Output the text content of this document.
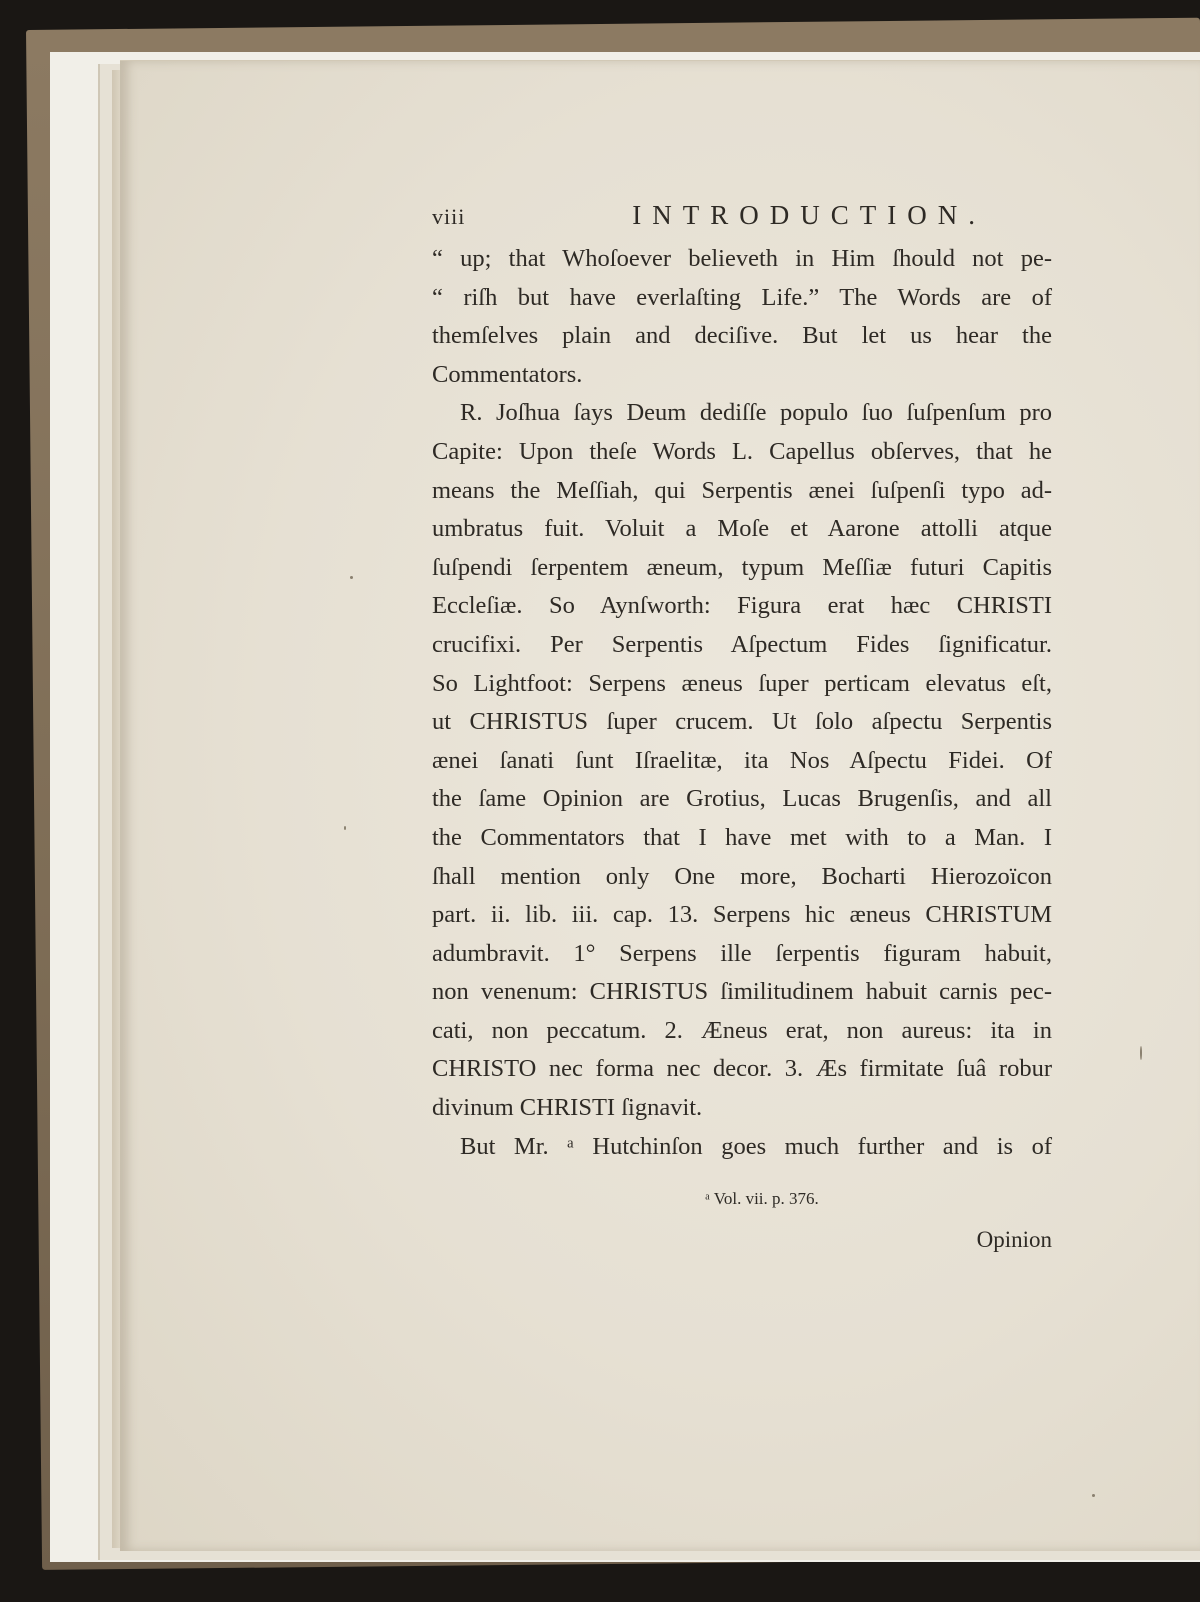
viii	INTRODUCTION.
“ up; that Whoſoever believeth in Him ſhould not pe-
“ riſh but have everlaſting Life.” The Words are of
themſelves plain and deciſive. But let us hear the
Commentators.
R. Joſhua ſays Deum dediſſe populo ſuo ſuſpenſum pro
Capite: Upon theſe Words L. Capellus obſerves, that he
means the Meſſiah, qui Serpentis ænei ſuſpenſi typo ad-
umbratus fuit. Voluit a Moſe et Aarone attolli atque
ſuſpendi ſerpentem æneum, typum Meſſiæ futuri Capitis
Eccleſiæ. So Aynſworth: Figura erat hæc CHRISTI
crucifixi. Per Serpentis Aſpectum Fides ſignificatur.
So Lightfoot: Serpens æneus ſuper perticam elevatus eſt,
ut CHRISTUS ſuper crucem. Ut ſolo aſpectu Serpentis
ænei ſanati ſunt Iſraelitæ, ita Nos Aſpectu Fidei. Of
the ſame Opinion are Grotius, Lucas Brugenſis, and all
the Commentators that I have met with to a Man. I
ſhall mention only One more, Bocharti Hierozoïcon
part. ii. lib. iii. cap. 13. Serpens hic æneus CHRISTUM
adumbravit. 1° Serpens ille ſerpentis figuram habuit,
non venenum: CHRISTUS ſimilitudinem habuit carnis pec-
cati, non peccatum. 2. Æneus erat, non aureus: ita in
CHRISTO nec forma nec decor. 3. Æs firmitate ſuâ robur
divinum CHRISTI ſignavit.
But Mr. ᵃ Hutchinſon goes much further and is of
ᵃ Vol. vii. p. 376.
Opinion
